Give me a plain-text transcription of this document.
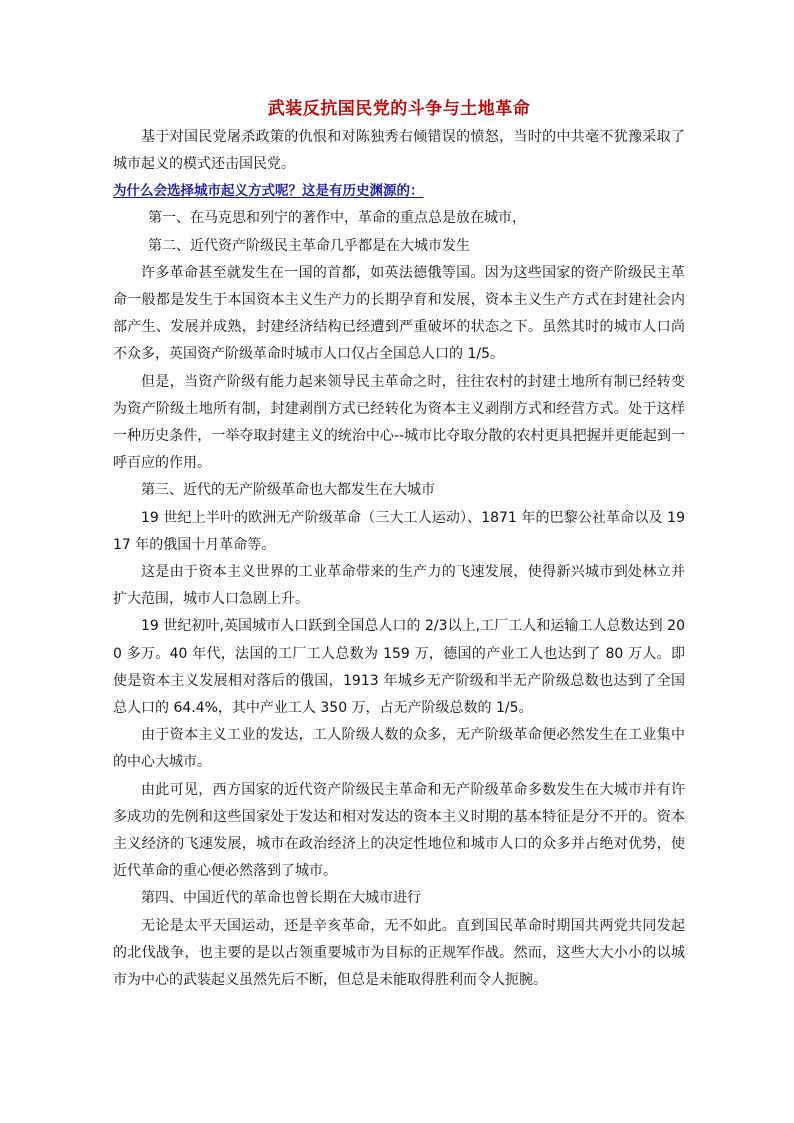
武装反抗国民党的斗争与土地革命

基于对国民党屠杀政策的仇恨和对陈独秀右倾错误的愤怒，当时的中共毫不犹豫采取了城市起义的模式还击国民党。

为什么会选择城市起义方式呢？这是有历史渊源的：

第一、在马克思和列宁的著作中，革命的重点总是放在城市，

第二、近代资产阶级民主革命几乎都是在大城市发生

许多革命甚至就发生在一国的首都，如英法德俄等国。因为这些国家的资产阶级民主革命一般都是发生于本国资本主义生产力的长期孕育和发展，资本主义生产方式在封建社会内部产生、发展并成熟，封建经济结构已经遭到严重破坏的状态之下。虽然其时的城市人口尚不众多，英国资产阶级革命时城市人口仅占全国总人口的 1/5。

但是，当资产阶级有能力起来领导民主革命之时，往往农村的封建土地所有制已经转变为资产阶级土地所有制，封建剥削方式已经转化为资本主义剥削方式和经营方式。处于这样一种历史条件，一举夺取封建主义的统治中心--城市比夺取分散的农村更具把握并更能起到一呼百应的作用。

第三、近代的无产阶级革命也大都发生在大城市

19 世纪上半叶的欧洲无产阶级革命（三大工人运动）、1871 年的巴黎公社革命以及 1917 年的俄国十月革命等。

这是由于资本主义世界的工业革命带来的生产力的飞速发展，使得新兴城市到处林立并扩大范围，城市人口急剧上升。

19 世纪初叶,英国城市人口跃到全国总人口的 2/3以上,工厂工人和运输工人总数达到 200 多万。40 年代，法国的工厂工人总数为 159 万，德国的产业工人也达到了 80 万人。即使是资本主义发展相对落后的俄国，1913 年城乡无产阶级和半无产阶级总数也达到了全国总人口的 64.4%，其中产业工人 350 万，占无产阶级总数的 1/5。

由于资本主义工业的发达，工人阶级人数的众多，无产阶级革命便必然发生在工业集中的中心大城市。

由此可见，西方国家的近代资产阶级民主革命和无产阶级革命多数发生在大城市并有许多成功的先例和这些国家处于发达和相对发达的资本主义时期的基本特征是分不开的。资本主义经济的飞速发展，城市在政治经济上的决定性地位和城市人口的众多并占绝对优势，使近代革命的重心便必然落到了城市。

第四、中国近代的革命也曾长期在大城市进行

无论是太平天国运动，还是辛亥革命，无不如此。直到国民革命时期国共两党共同发起的北伐战争，也主要的是以占领重要城市为目标的正规军作战。然而，这些大大小小的以城市为中心的武装起义虽然先后不断，但总是未能取得胜利而令人扼腕。
